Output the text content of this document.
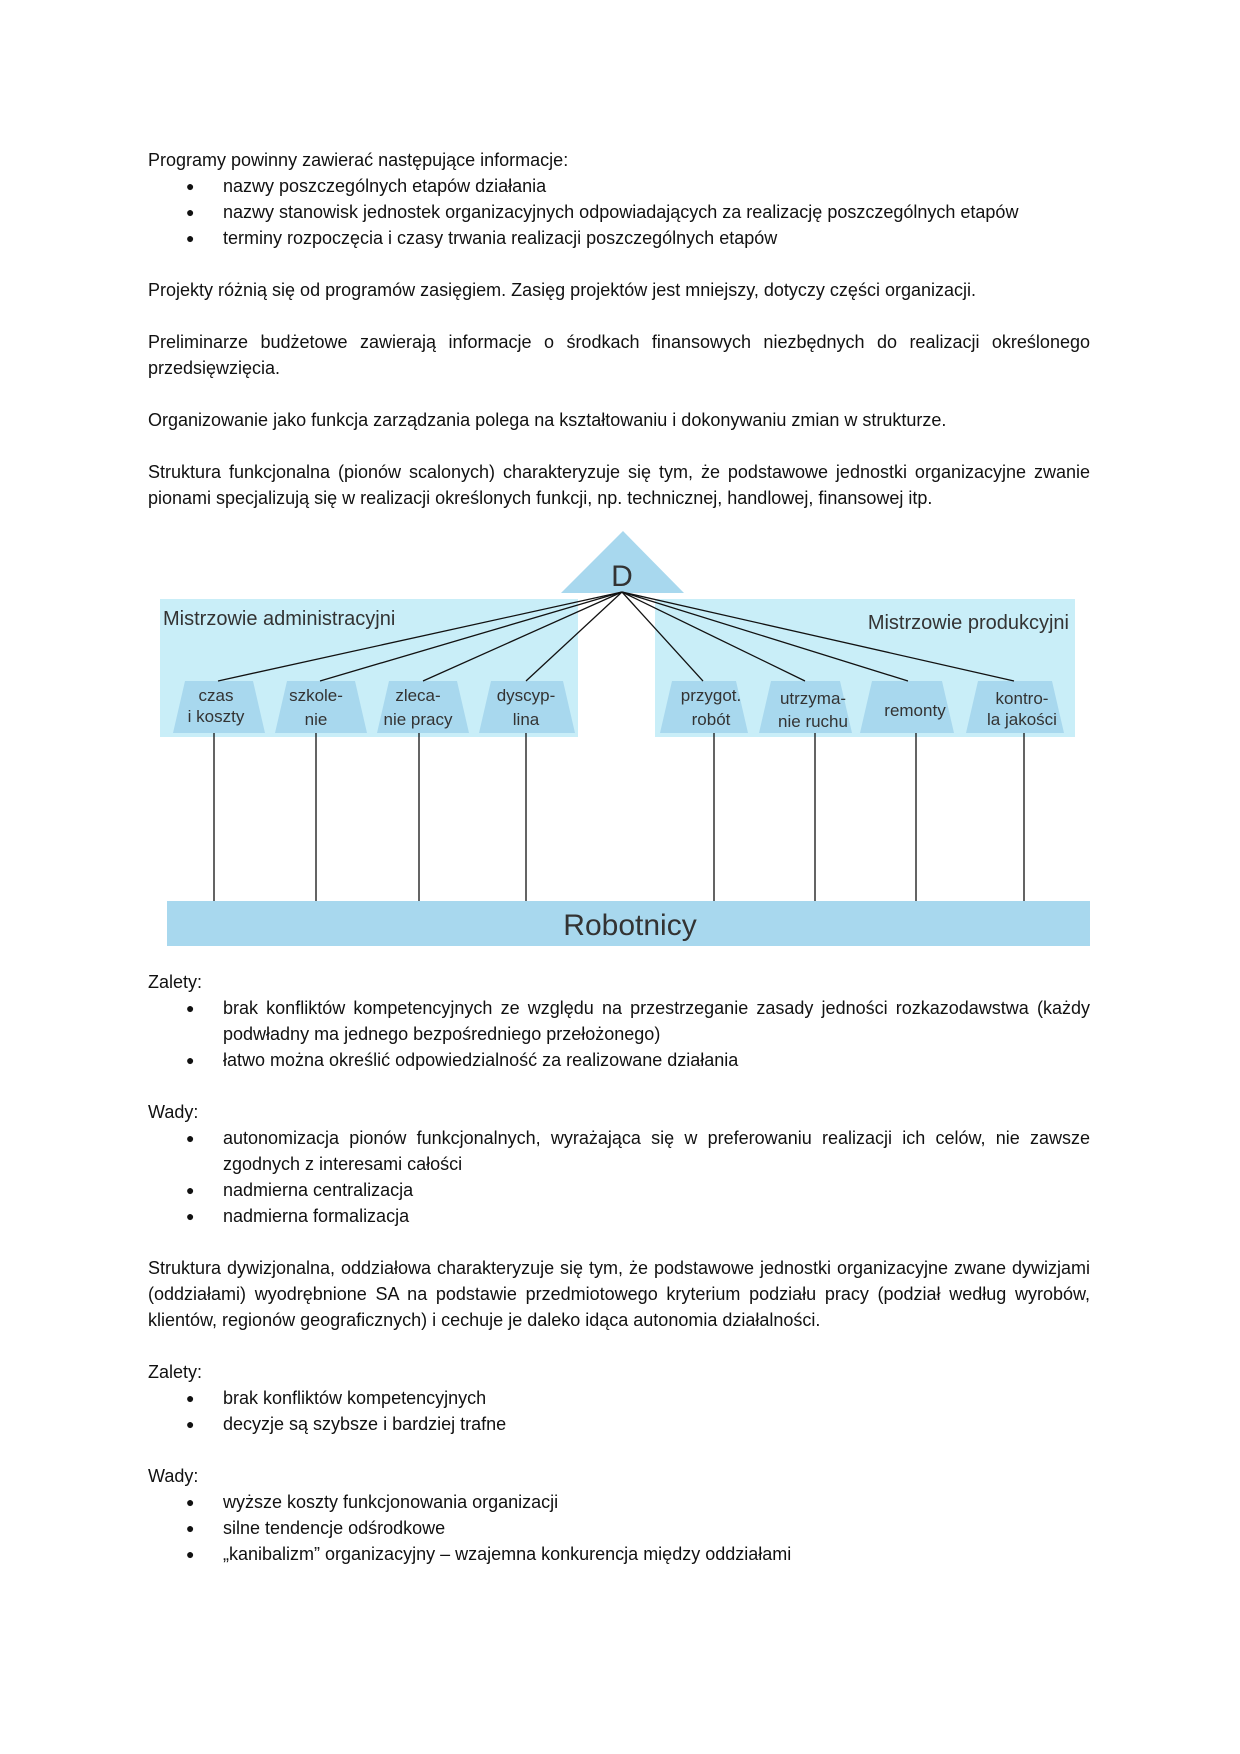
Programy powinny zawierać następujące informacje:

● nazwy poszczególnych etapów działania
● nazwy stanowisk jednostek organizacyjnych odpowiadających za realizację poszczególnych etapów
● terminy rozpoczęcia i czasy trwania realizacji poszczególnych etapów

Projekty różnią się od programów zasięgiem. Zasięg projektów jest mniejszy, dotyczy części organizacji.

Preliminarze budżetowe zawierają informacje o środkach finansowych niezbędnych do realizacji określonego przedsięwzięcia.

Organizowanie jako funkcja zarządzania polega na kształtowaniu i dokonywaniu zmian w strukturze.

Struktura funkcjonalna (pionów scalonych) charakteryzuje się tym, że podstawowe jednostki organizacyjne zwanie pionami specjalizują się w realizacji określonych funkcji, np. technicznej, handlowej, finansowej itp.

D
Mistrzowie administracyjni	Mistrzowie produkcyjni
czas
i koszty
szkole-
nie
zleca-
nie pracy
dyscyp-
lina
przygot.
robót
utrzyma-
nie ruchu
remonty
kontro-
la jakości
Robotnicy

Zalety:

● brak konfliktów kompetencyjnych ze względu na przestrzeganie zasady jedności rozkazodawstwa (każdy podwładny ma jednego bezpośredniego przełożonego)
● łatwo można określić odpowiedzialność za realizowane działania

Wady:

● autonomizacja pionów funkcjonalnych, wyrażająca się w preferowaniu realizacji ich celów, nie zawsze zgodnych z interesami całości
● nadmierna centralizacja
● nadmierna formalizacja

Struktura dywizjonalna, oddziałowa charakteryzuje się tym, że podstawowe jednostki organizacyjne zwane dywizjami (oddziałami) wyodrębnione SA na podstawie przedmiotowego kryterium podziału pracy (podział według wyrobów, klientów, regionów geograficznych) i cechuje je daleko idąca autonomia działalności.

Zalety:

● brak konfliktów kompetencyjnych
● decyzje są szybsze i bardziej trafne

Wady:

● wyższe koszty funkcjonowania organizacji
● silne tendencje odśrodkowe
● „kanibalizm” organizacyjny – wzajemna konkurencja między oddziałami
